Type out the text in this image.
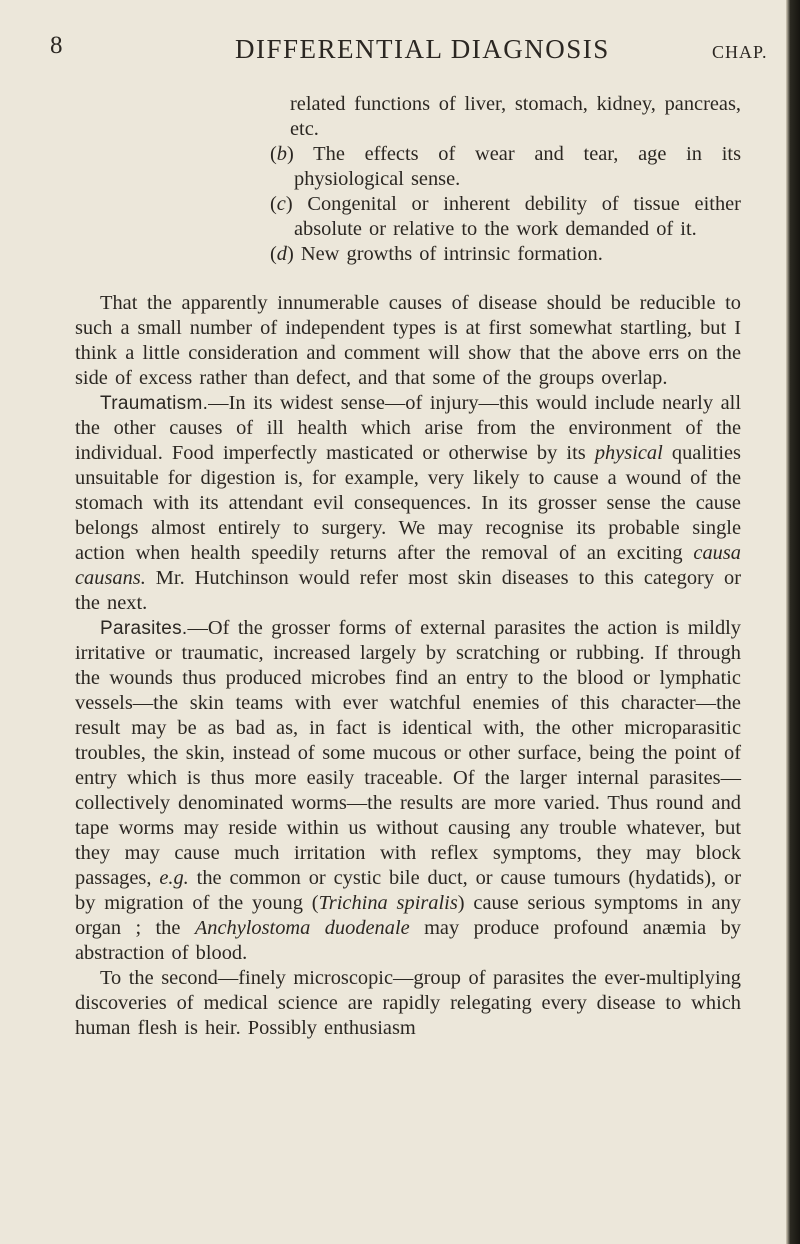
8	DIFFERENTIAL DIAGNOSIS	CHAP.
related functions of liver, stomach, kidney, pancreas, etc.
(b) The effects of wear and tear, age in its physiological sense.
(c) Congenital or inherent debility of tissue either absolute or relative to the work demanded of it.
(d) New growths of intrinsic formation.

That the apparently innumerable causes of disease should be reducible to such a small number of independent types is at first somewhat startling, but I think a little consideration and comment will show that the above errs on the side of excess rather than defect, and that some of the groups overlap.

Traumatism.—In its widest sense—of injury—this would include nearly all the other causes of ill health which arise from the environment of the individual. Food imperfectly masticated or otherwise by its physical qualities unsuitable for digestion is, for example, very likely to cause a wound of the stomach with its attendant evil consequences. In its grosser sense the cause belongs almost entirely to surgery. We may recognise its probable single action when health speedily returns after the removal of an exciting causa causans. Mr. Hutchinson would refer most skin diseases to this category or the next.

Parasites.—Of the grosser forms of external parasites the action is mildly irritative or traumatic, increased largely by scratching or rubbing. If through the wounds thus produced microbes find an entry to the blood or lymphatic vessels—the skin teams with ever watchful enemies of this character—the result may be as bad as, in fact is identical with, the other microparasitic troubles, the skin, instead of some mucous or other surface, being the point of entry which is thus more easily traceable. Of the larger internal parasites—collectively denominated worms—the results are more varied. Thus round and tape worms may reside within us without causing any trouble whatever, but they may cause much irritation with reflex symptoms, they may block passages, e.g. the common or cystic bile duct, or cause tumours (hydatids), or by migration of the young (Trichina spiralis) cause serious symptoms in any organ ; the Anchylostoma duodenale may produce profound anæmia by abstraction of blood.

To the second—finely microscopic—group of parasites the ever-multiplying discoveries of medical science are rapidly relegating every disease to which human flesh is heir. Possibly enthusiasm
